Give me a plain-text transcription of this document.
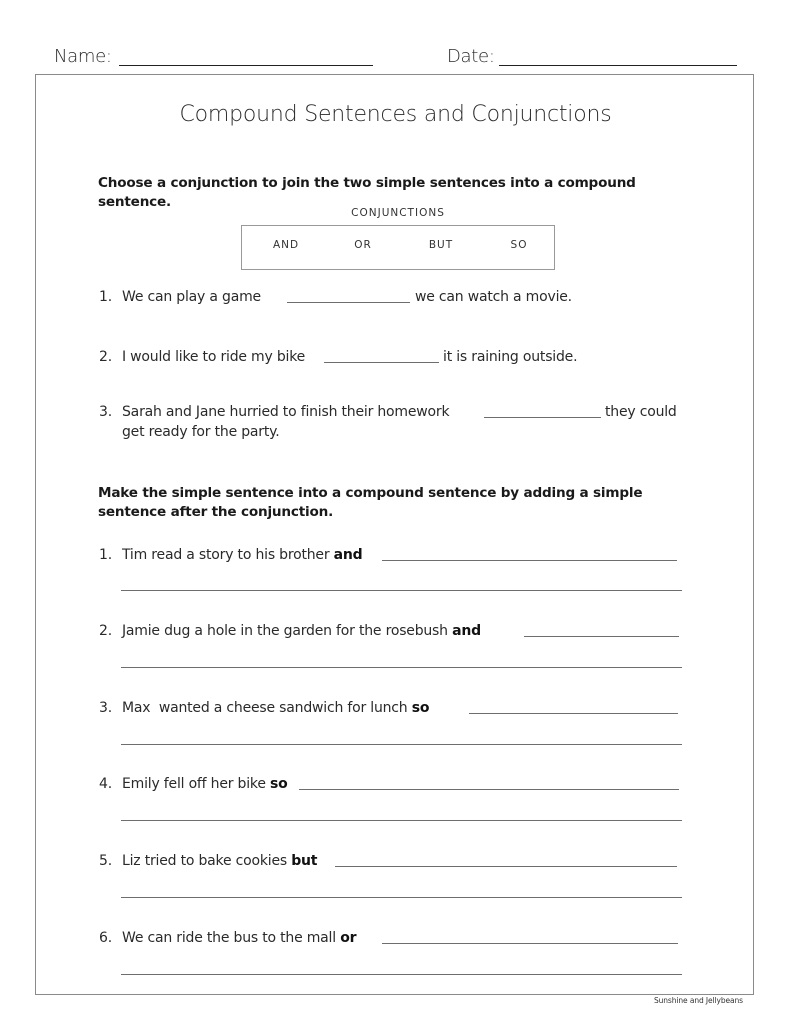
Name:	Date:
Compound Sentences and Conjunctions
Choose a conjunction to join the two simple sentences into a compound sentence.
CONJUNCTIONS
AND	OR	BUT	SO
1. We can play a game	we can watch a movie.
2. I would like to ride my bike	it is raining outside.
3. Sarah and Jane hurried to finish their homework	they could
get ready for the party.
Make the simple sentence into a compound sentence by adding a simple sentence after the conjunction.
1. Tim read a story to his brother and
2. Jamie dug a hole in the garden for the rosebush and
3. Max  wanted a cheese sandwich for lunch so
4. Emily fell off her bike so
5. Liz tried to bake cookies but
6. We can ride the bus to the mall or
Sunshine and Jellybeans
